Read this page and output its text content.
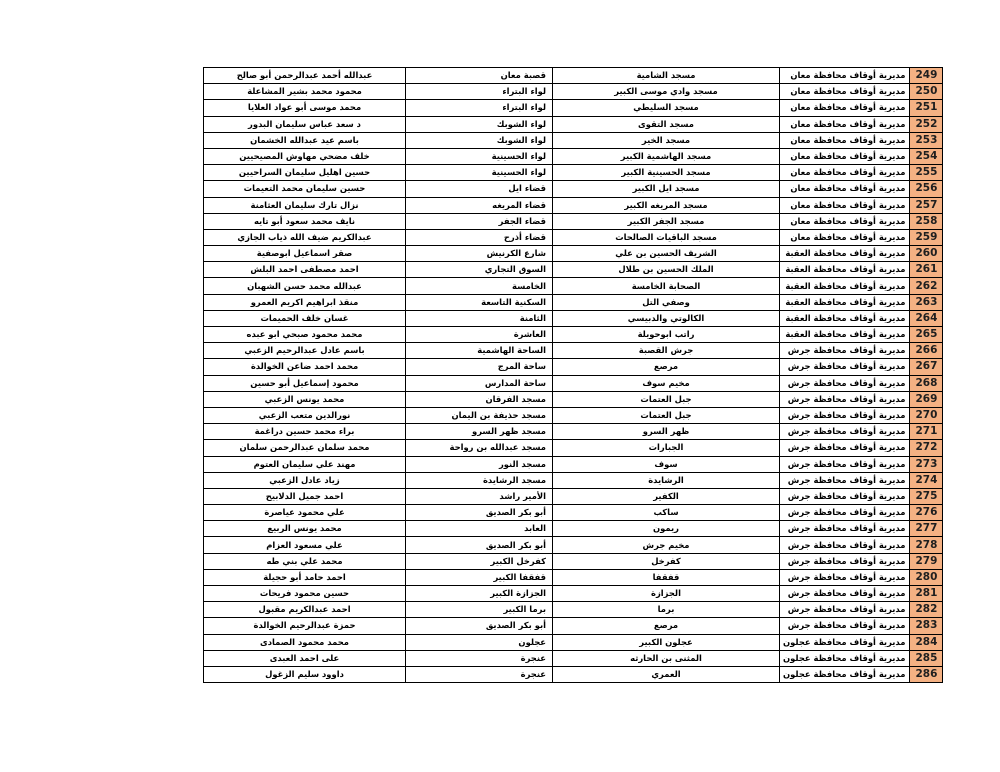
عبدالله أحمد عبدالرحمن أبو صالح	قصبة معان	مسجد الشامية	مديرية أوقاف محافظة معان	249
محمود محمد بشير المشاعلة	لواء البتراء	مسجد وادي موسى الكبير	مديرية أوقاف محافظة معان	250
محمد موسى أبو عواد العلايا	لواء البتراء	مسجد السليطي	مديرية أوقاف محافظة معان	251
د سعد عباس سليمان البدور	لواء الشوبك	مسجد التقوى	مديرية أوقاف محافظة معان	252
باسم عيد عبدالله الخشمان	لواء الشوبك	مسجد الخير	مديرية أوقاف محافظة معان	253
خلف مضحي مهاوش المصيحيين	لواء الحسينية	مسجد الهاشمية الكبير	مديرية أوقاف محافظة معان	254
حسين اهليل سليمان السراحيين	لواء الحسينية	مسجد الحسينية الكبير	مديرية أوقاف محافظة معان	255
حسين سليمان محمد التعيمات	قضاء ايل	مسجد ايل الكبير	مديرية أوقاف محافظة معان	256
نزال تارك سليمان العثامنة	قضاء المريغه	مسجد المريغه الكبير	مديرية أوقاف محافظة معان	257
نايف محمد سعود أبو تايه	قضاء الجفر	مسجد الجفر الكبير	مديرية أوقاف محافظة معان	258
عبدالكريم ضيف الله ذياب الجازي	قضاء أذرح	مسجد الباقيات الصالحات	مديرية أوقاف محافظة معان	259
صقر اسماعيل ابوصفية	شارع الكرنيش	الشريف الحسين بن علي	مديرية أوقاف محافظة العقبة	260
احمد مصطفى احمد البلش	السوق التجاري	الملك الحسين بن طلال	مديرية أوقاف محافظة العقبة	261
عبدالله محمد حسن الشهبان	الخامسة	الصحابة الخامسة	مديرية أوقاف محافظة العقبة	262
منقذ ابراهيم اكريم العمرو	السكنية التاسعة	وصفي التل	مديرية أوقاف محافظة العقبة	263
غسان خلف الحميمات	الثامنة	الكالوتي والدبيسي	مديرية أوقاف محافظة العقبة	264
محمد محمود صبحي ابو عبده	العاشرة	راتب ابوحويلة	مديرية أوقاف محافظة العقبة	265
باسم عادل عبدالرحيم الزعبي	الساحة الهاشمية	جرش القصبة	مديرية أوقاف محافظة جرش	266
محمد احمد ضاعن الخوالدة	ساحة المرج	مرصع	مديرية أوقاف محافظة جرش	267
محمود إسماعيل أبو حسين	ساحة المدارس	مخيم سوف	مديرية أوقاف محافظة جرش	268
محمد يونس الزعبي	مسجد الفرقان	جبل العتمات	مديرية أوقاف محافظة جرش	269
نورالدين متعب الزعبي	مسجد حذيفة بن اليمان	جبل العتمات	مديرية أوقاف محافظة جرش	270
براء محمد حسين دراغمة	مسجد ظهر السرو	ظهر السرو	مديرية أوقاف محافظة جرش	271
محمد سلمان عبدالرحمن سلمان	مسجد عبدالله بن رواحة	الجبارات	مديرية أوقاف محافظة جرش	272
مهند علي سليمان العتوم	مسجد النور	سوف	مديرية أوقاف محافظة جرش	273
زياد عادل الزعبي	مسجد الرشايدة	الرشايدة	مديرية أوقاف محافظة جرش	274
احمد جميل الدلابيح	الأمير راشد	الكفير	مديرية أوقاف محافظة جرش	275
علي محمود عياصرة	أبو بكر الصديق	ساكب	مديرية أوقاف محافظة جرش	276
محمد يونس الربيع	العابد	ريمون	مديرية أوقاف محافظة جرش	277
علي مسعود العزام	أبو بكر الصديق	مخيم جرش	مديرية أوقاف محافظة جرش	278
محمد علي بني طه	كفرخل الكبير	كفرخل	مديرية أوقاف محافظة جرش	279
احمد حامد أبو حجيلة	قفقفا الكبير	قفقفا	مديرية أوقاف محافظة جرش	280
حسين محمود فريحات	الجزازة الكبير	الجزازة	مديرية أوقاف محافظة جرش	281
احمد عبدالكريم مقبول	برما الكبير	برما	مديرية أوقاف محافظة جرش	282
حمزة عبدالرحيم الخوالدة	أبو بكر الصديق	مرصع	مديرية أوقاف محافظة جرش	283
محمد محمود الصمادى	عجلون	عجلون الكبير	مديرية أوقاف محافظة عجلون	284
على احمد العبدى	عنجرة	المثنى بن الحارثه	مديرية أوقاف محافظة عجلون	285
داوود سليم الزغول	عنجرة	العمري	مديرية أوقاف محافظة عجلون	286
